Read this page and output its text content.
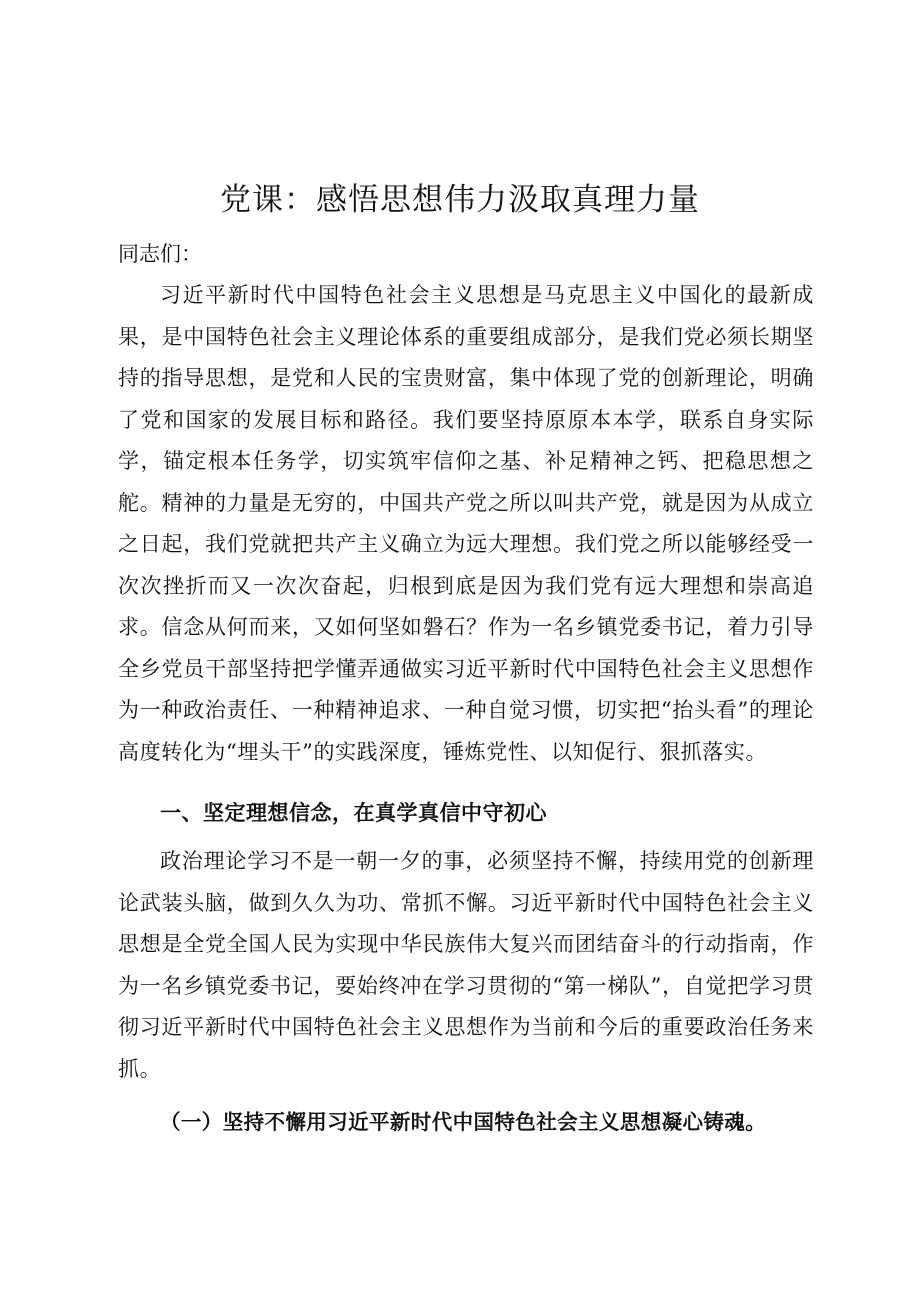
党课：感悟思想伟力汲取真理力量

同志们：

习近平新时代中国特色社会主义思想是马克思主义中国化的最新成果，是中国特色社会主义理论体系的重要组成部分，是我们党必须长期坚持的指导思想，是党和人民的宝贵财富，集中体现了党的创新理论，明确了党和国家的发展目标和路径。我们要坚持原原本本学，联系自身实际学，锚定根本任务学，切实筑牢信仰之基、补足精神之钙、把稳思想之舵。精神的力量是无穷的，中国共产党之所以叫共产党，就是因为从成立之日起，我们党就把共产主义确立为远大理想。我们党之所以能够经受一次次挫折而又一次次奋起，归根到底是因为我们党有远大理想和崇高追求。信念从何而来，又如何坚如磐石？作为一名乡镇党委书记，着力引导全乡党员干部坚持把学懂弄通做实习近平新时代中国特色社会主义思想作为一种政治责任、一种精神追求、一种自觉习惯，切实把“抬头看”的理论高度转化为“埋头干”的实践深度，锤炼党性、以知促行、狠抓落实。

一、坚定理想信念，在真学真信中守初心

政治理论学习不是一朝一夕的事，必须坚持不懈，持续用党的创新理论武装头脑，做到久久为功、常抓不懈。习近平新时代中国特色社会主义思想是全党全国人民为实现中华民族伟大复兴而团结奋斗的行动指南，作为一名乡镇党委书记，要始终冲在学习贯彻的“第一梯队”，自觉把学习贯彻习近平新时代中国特色社会主义思想作为当前和今后的重要政治任务来抓。

（一）坚持不懈用习近平新时代中国特色社会主义思想凝心铸魂。
